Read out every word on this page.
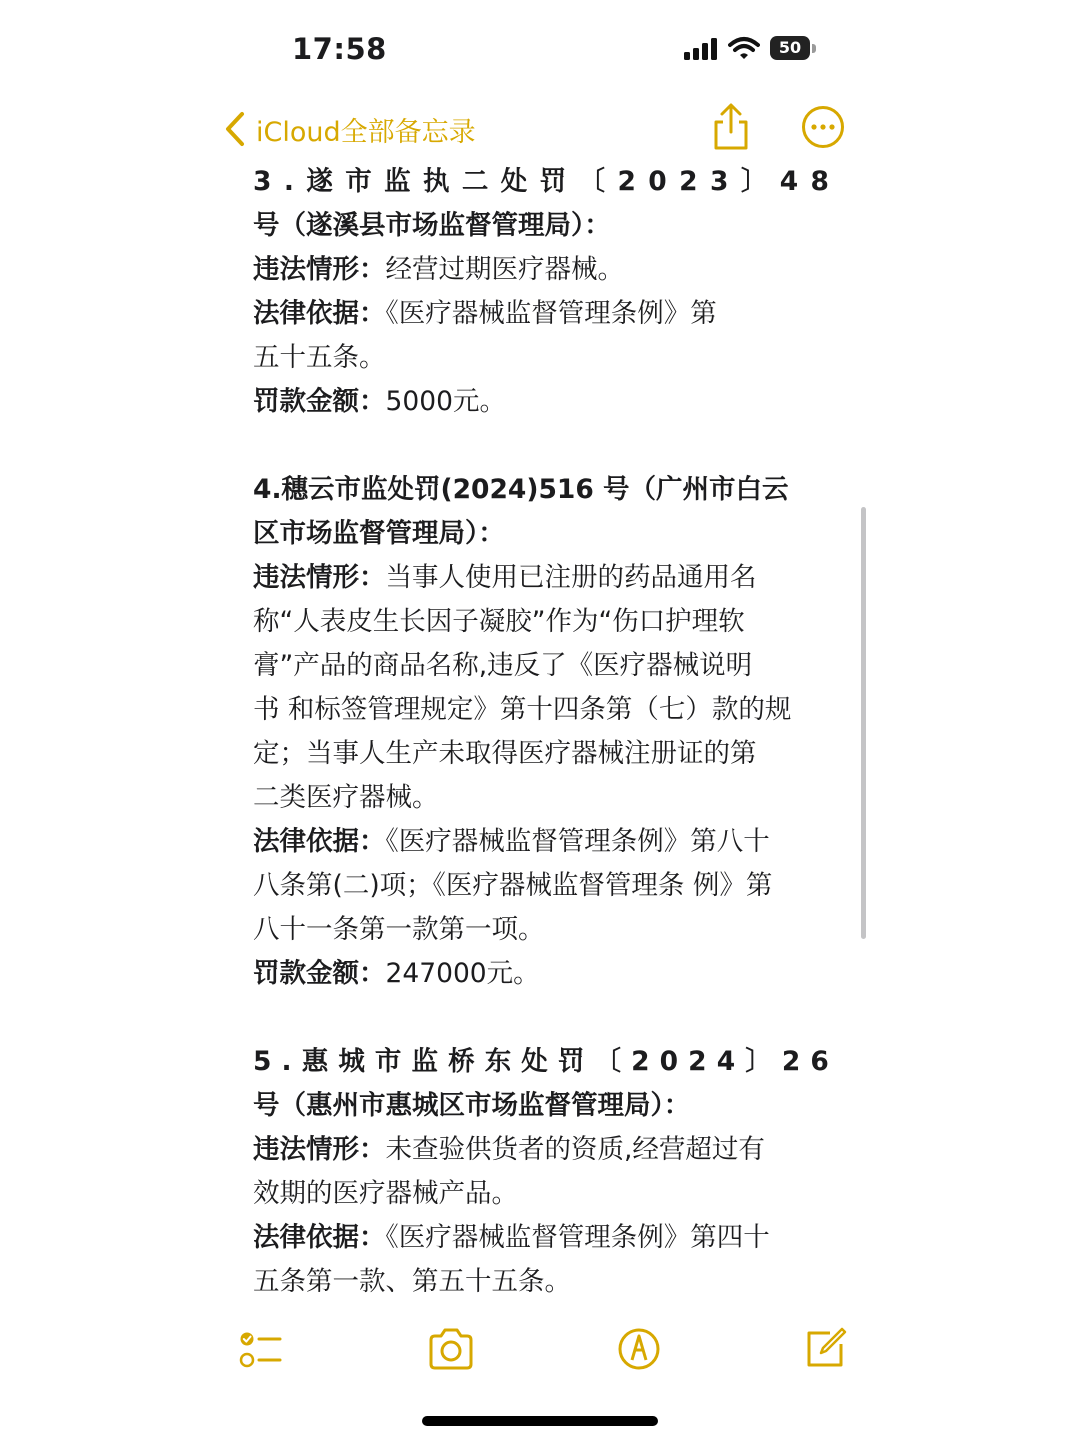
17:58	50
iCloud全部备忘录
3 . 遂 市 监 执 二 处 罚 〔 2 0 2 3 〕 4 8
号（遂溪县市场监督管理局）：
违法情形：经营过期医疗器械。
法律依据：《医疗器械监督管理条例》第
五十五条。
罚款金额：5000元。
4.穗云市监处罚(2024)516 号（广州市白云
区市场监督管理局）：
违法情形：当事人使用已注册的药品通用名
称“人表皮生长因子凝胶”作为“伤口护理软
膏”产品的商品名称,违反了《医疗器械说明
书 和标签管理规定》第十四条第（七）款的规
定；当事人生产未取得医疗器械注册证的第
二类医疗器械。
法律依据：《医疗器械监督管理条例》第八十
八条第(二)项；《医疗器械监督管理条 例》第
八十一条第一款第一项。
罚款金额：247000元。
5 . 惠 城 市 监 桥 东 处 罚 〔 2 0 2 4 〕 2 6
号（惠州市惠城区市场监督管理局）：
违法情形：未查验供货者的资质,经营超过有
效期的医疗器械产品。
法律依据：《医疗器械监督管理条例》第四十
五条第一款、第五十五条。
